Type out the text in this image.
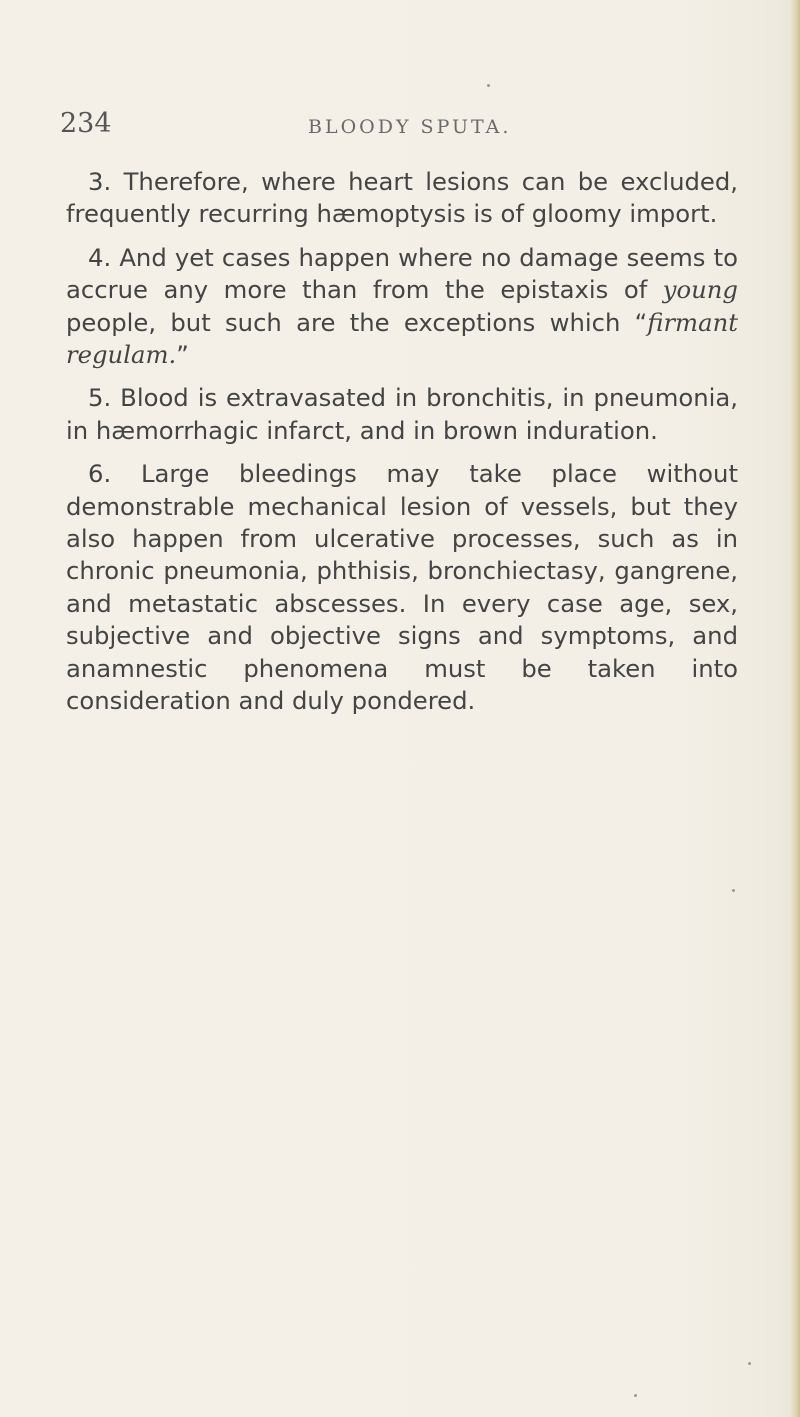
234	BLOODY SPUTA.

3. Therefore, where heart lesions can be excluded, frequently recurring hæmoptysis is of gloomy import.

4. And yet cases happen where no damage seems to accrue any more than from the epistaxis of young people, but such are the exceptions which “firmant regulam.”

5. Blood is extravasated in bronchitis, in pneumonia, in hæmorrhagic infarct, and in brown induration.

6. Large bleedings may take place without demonstrable mechanical lesion of vessels, but they also happen from ulcerative processes, such as in chronic pneumonia, phthisis, bronchiectasy, gangrene, and metastatic abscesses. In every case age, sex, subjective and objective signs and symptoms, and anamnestic phenomena must be taken into consideration and duly pondered.
